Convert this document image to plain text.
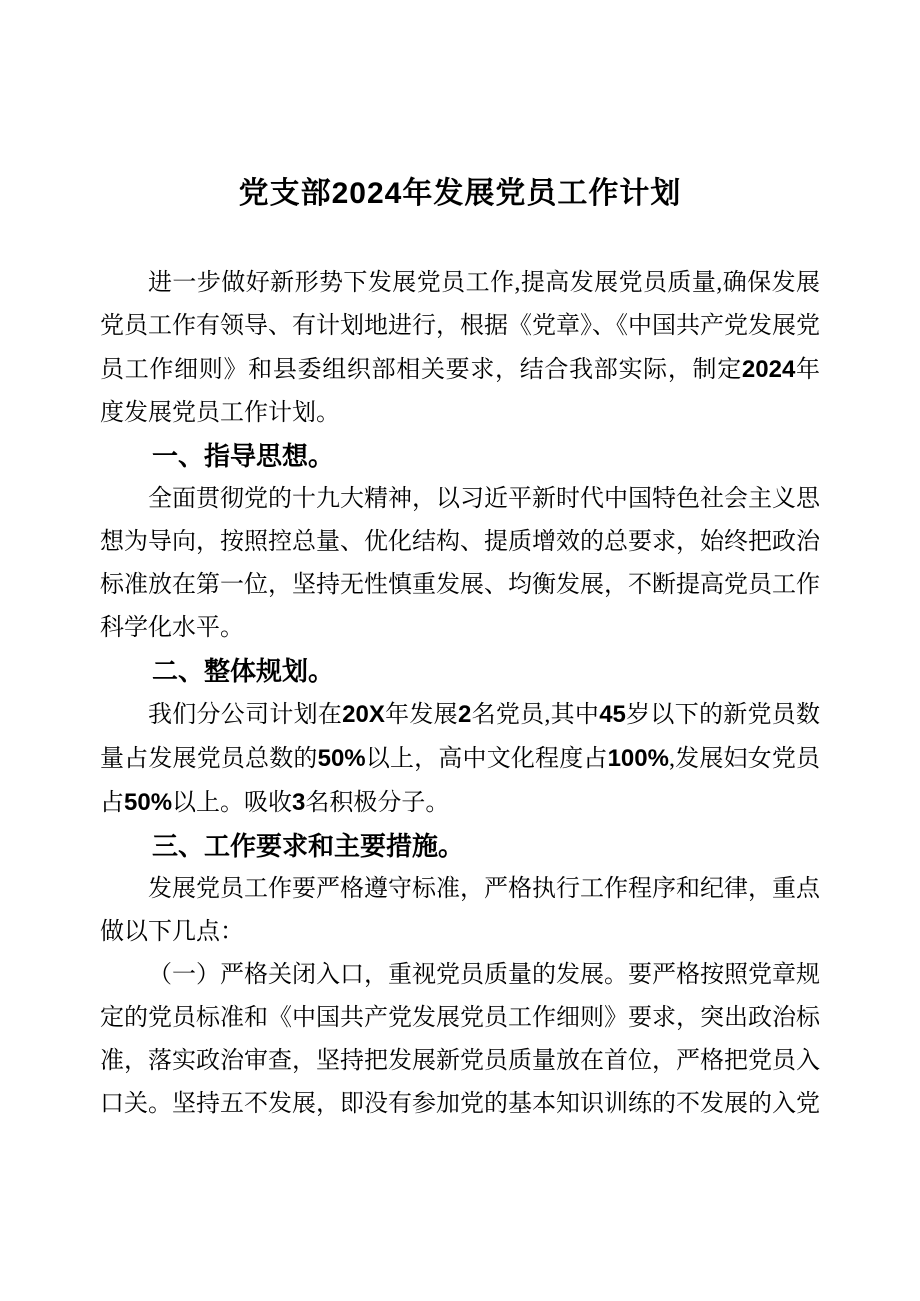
党支部2024年发展党员工作计划

进一步做好新形势下发展党员工作,提高发展党员质量,确保发展党员工作有领导、有计划地进行，根据《党章》、《中国共产党发展党员工作细则》和县委组织部相关要求，结合我部实际，制定2024年度发展党员工作计划。

一、指导思想。

全面贯彻党的十九大精神，以习近平新时代中国特色社会主义思想为导向，按照控总量、优化结构、提质增效的总要求，始终把政治标准放在第一位，坚持无性慎重发展、均衡发展，不断提高党员工作科学化水平。

二、整体规划。

我们分公司计划在20X年发展2名党员,其中45岁以下的新党员数量占发展党员总数的50%以上，高中文化程度占100%,发展妇女党员占50%以上。吸收3名积极分子。

三、工作要求和主要措施。

发展党员工作要严格遵守标准，严格执行工作程序和纪律，重点做以下几点：

（一）严格关闭入口，重视党员质量的发展。要严格按照党章规定的党员标准和《中国共产党发展党员工作细则》要求，突出政治标准，落实政治审查，坚持把发展新党员质量放在首位，严格把党员入口关。坚持五不发展，即没有参加党的基本知识训练的不发展的入党
